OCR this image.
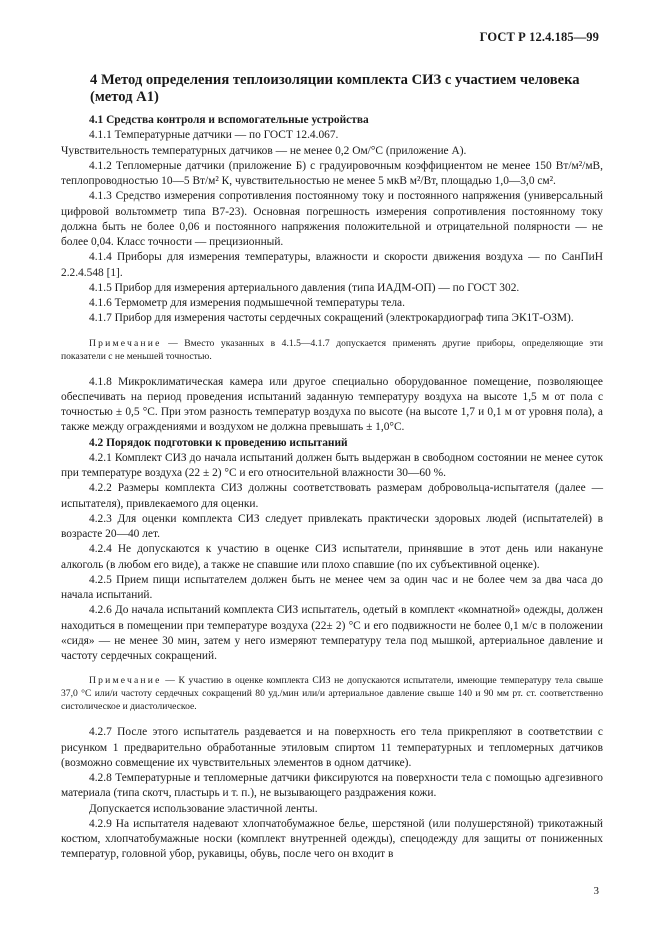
ГОСТ Р 12.4.185—99
4 Метод определения теплоизоляции комплекта СИЗ с участием человека (метод А1)

4.1 Средства контроля и вспомогательные устройства

4.1.1 Температурные датчики — по ГОСТ 12.4.067.

Чувствительность температурных датчиков — не менее 0,2 Ом/°С (приложение А).

4.1.2 Тепломерные датчики (приложение Б) с градуировочным коэффициентом не менее 150 Вт/м²/мВ, теплопроводностью 10—5 Вт/м² К, чувствительностью не менее 5 мкВ м²/Вт, площадью 1,0—3,0 см².

4.1.3 Средство измерения сопротивления постоянному току и постоянного напряжения (универсальный цифровой вольтомметр типа В7-23). Основная погрешность измерения сопротивления постоянному току должна быть не более 0,06 и постоянного напряжения положительной и отрицательной полярности — не более 0,04. Класс точности — прецизионный.

4.1.4 Приборы для измерения температуры, влажности и скорости движения воздуха — по СанПиН 2.2.4.548 [1].

4.1.5 Прибор для измерения артериального давления (типа ИАДМ-ОП) — по ГОСТ 302.

4.1.6 Термометр для измерения подмышечной температуры тела.

4.1.7 Прибор для измерения частоты сердечных сокращений (электрокардиограф типа ЭК1Т-ОЗМ).

Примечание — Вместо указанных в 4.1.5—4.1.7 допускается применять другие приборы, определяющие эти показатели с не меньшей точностью.

4.1.8 Микроклиматическая камера или другое специально оборудованное помещение, позволяющее обеспечивать на период проведения испытаний заданную температуру воздуха на высоте 1,5 м от пола с точностью ± 0,5 °С. При этом разность температур воздуха по высоте (на высоте 1,7 и 0,1 м от уровня пола), а также между ограждениями и воздухом не должна превышать ± 1,0°С.

4.2 Порядок подготовки к проведению испытаний

4.2.1 Комплект СИЗ до начала испытаний должен быть выдержан в свободном состоянии не менее суток при температуре воздуха (22 ± 2) °С и его относительной влажности 30—60 %.

4.2.2 Размеры комплекта СИЗ должны соответствовать размерам добровольца-испытателя (далее — испытателя), привлекаемого для оценки.

4.2.3 Для оценки комплекта СИЗ следует привлекать практически здоровых людей (испытателей) в возрасте 20—40 лет.

4.2.4 Не допускаются к участию в оценке СИЗ испытатели, принявшие в этот день или накануне алкоголь (в любом его виде), а также не спавшие или плохо спавшие (по их субъективной оценке).

4.2.5 Прием пищи испытателем должен быть не менее чем за один час и не более чем за два часа до начала испытаний.

4.2.6 До начала испытаний комплекта СИЗ испытатель, одетый в комплект «комнатной» одежды, должен находиться в помещении при температуре воздуха (22± 2) °С и его подвижности не более 0,1 м/с в положении «сидя» — не менее 30 мин, затем у него измеряют температуру тела под мышкой, артериальное давление и частоту сердечных сокращений.

Примечание — К участию в оценке комплекта СИЗ не допускаются испытатели, имеющие температуру тела свыше 37,0 °С или/и частоту сердечных сокращений 80 уд./мин или/и артериальное давление свыше 140 и 90 мм рт. ст. соответственно систолическое и диастолическое.

4.2.7 После этого испытатель раздевается и на поверхность его тела прикрепляют в соответствии с рисунком 1 предварительно обработанные этиловым спиртом 11 температурных и тепломерных датчиков (возможно совмещение их чувствительных элементов в одном датчике).

4.2.8 Температурные и тепломерные датчики фиксируются на поверхности тела с помощью адгезивного материала (типа скотч, пластырь и т. п.), не вызывающего раздражения кожи.

Допускается использование эластичной ленты.

4.2.9 На испытателя надевают хлопчатобумажное белье, шерстяной (или полушерстяной) трикотажный костюм, хлопчатобумажные носки (комплект внутренней одежды), спецодежду для защиты от пониженных температур, головной убор, рукавицы, обувь, после чего он входит в

3
